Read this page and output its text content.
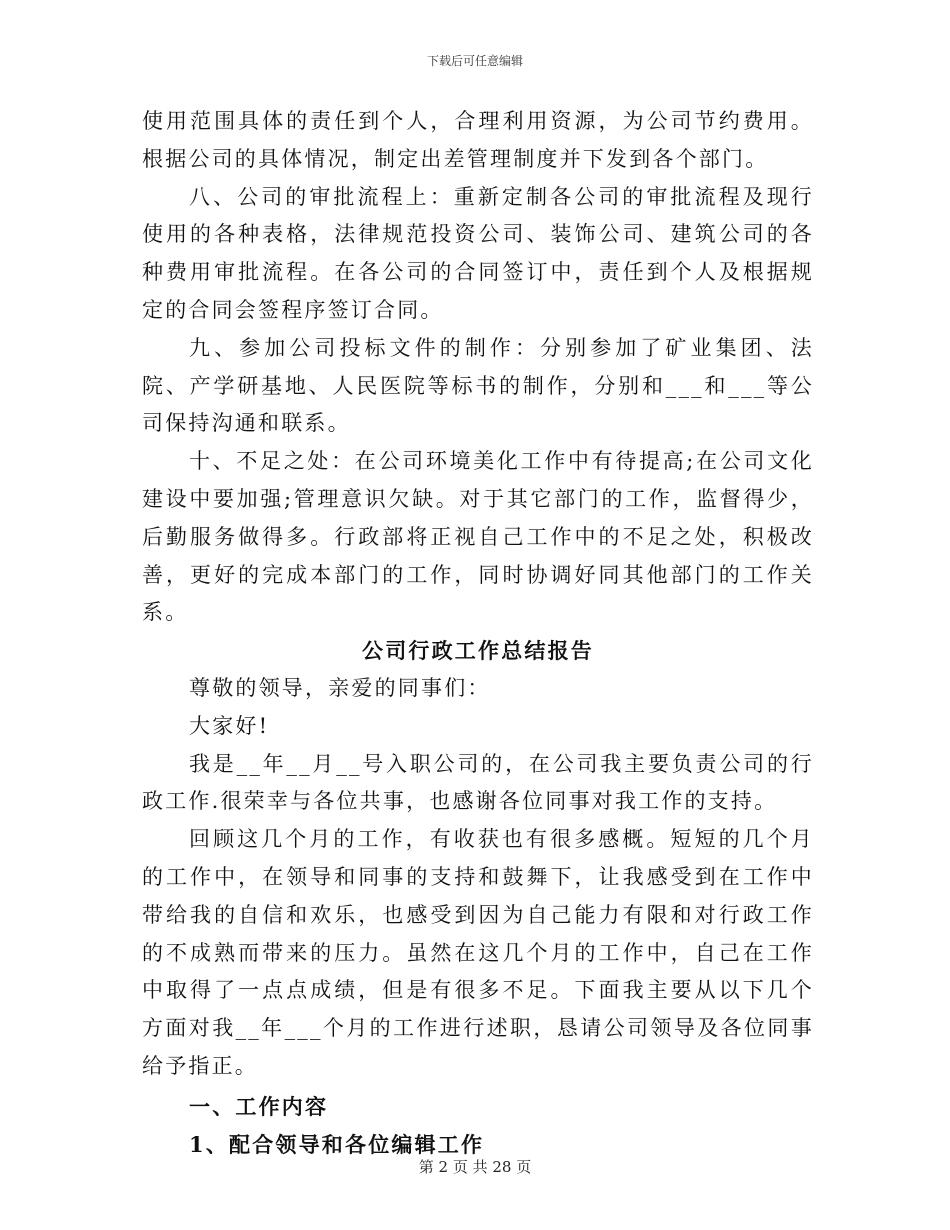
下载后可任意编辑

使用范围具体的责任到个人，合理利用资源，为公司节约费用。根据公司的具体情况，制定出差管理制度并下发到各个部门。

八、公司的审批流程上：重新定制各公司的审批流程及现行使用的各种表格，法律规范投资公司、装饰公司、建筑公司的各种费用审批流程。在各公司的合同签订中，责任到个人及根据规定的合同会签程序签订合同。

九、参加公司投标文件的制作：分别参加了矿业集团、法院、产学研基地、人民医院等标书的制作，分别和___和___等公司保持沟通和联系。

十、不足之处：在公司环境美化工作中有待提高;在公司文化建设中要加强;管理意识欠缺。对于其它部门的工作，监督得少，后勤服务做得多。行政部将正视自己工作中的不足之处，积极改善，更好的完成本部门的工作，同时协调好同其他部门的工作关系。

公司行政工作总结报告

尊敬的领导，亲爱的同事们：

大家好!

我是__年__月__号入职公司的，在公司我主要负责公司的行政工作.很荣幸与各位共事，也感谢各位同事对我工作的支持。

回顾这几个月的工作，有收获也有很多感概。短短的几个月的工作中，在领导和同事的支持和鼓舞下，让我感受到在工作中带给我的自信和欢乐，也感受到因为自己能力有限和对行政工作的不成熟而带来的压力。虽然在这几个月的工作中，自己在工作中取得了一点点成绩，但是有很多不足。下面我主要从以下几个方面对我__年___个月的工作进行述职，恳请公司领导及各位同事给予指正。

一、工作内容
1、配合领导和各位编辑工作
第 2 页 共 28 页
